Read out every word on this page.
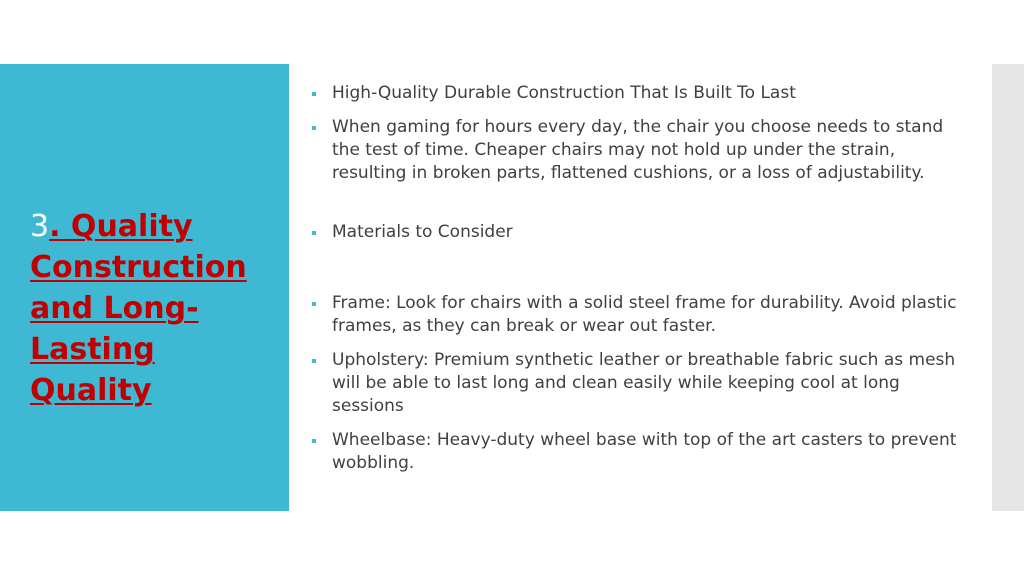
3. Quality Construction and Long-Lasting Quality
High-Quality Durable Construction That Is Built To Last
When gaming for hours every day, the chair you choose needs to stand the test of time. Cheaper chairs may not hold up under the strain, resulting in broken parts, flattened cushions, or a loss of adjustability.
Materials to Consider
Frame: Look for chairs with a solid steel frame for durability. Avoid plastic frames, as they can break or wear out faster.
Upholstery: Premium synthetic leather or breathable fabric such as mesh will be able to last long and clean easily while keeping cool at long sessions
Wheelbase: Heavy-duty wheel base with top of the art casters to prevent wobbling.
